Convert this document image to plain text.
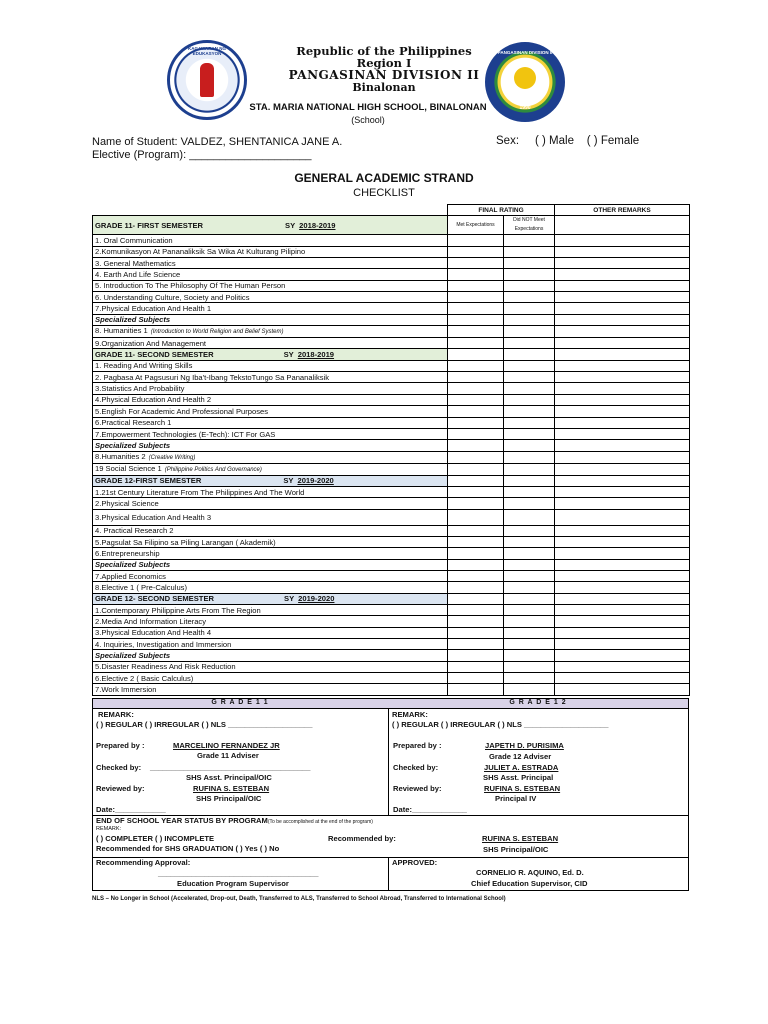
KAGAWARAN NG EDUKASYON	PANGASINAN DIVISION II
1990
Republic of the Philippines
Region I
PANGASINAN DIVISION II
Binalonan
STA. MARIA NATIONAL HIGH SCHOOL, BINALONAN
(School)
Name of Student: VALDEZ, SHENTANICA JANE A.	Sex: ( ) Male ( ) Female
Elective (Program): ____________________
GENERAL ACADEMIC STRAND
CHECKLIST
	FINAL RATING		OTHER REMARKS
GRADE 11- FIRST SEMESTER SY 2018-2019	Met Expectations	Did NOT Meet Expectations	
1. Oral Communication			
2.Komunikasyon At Pananaliksik Sa Wika At Kulturang Pilipino			
3. General Mathematics			
4. Earth And Life Science			
5. Introduction To The Philosophy Of The Human Person			
6. Understanding Culture, Society and Politics			
7.Physical Education And Health 1			
Specialized Subjects			
8. Humanities 1 (Introduction to World Religion and Belief System)			
9.Organization And Management			
GRADE 11- SECOND SEMESTER SY 2018-2019			

1. Reading And Writing Skills			
2. Pagbasa At Pagsusuri Ng Iba't-Ibang TekstoTungo Sa Pananaliksik			
3.Statistics And Probability			
4.Physical Education And Health 2			
5.English For Academic And Professional Purposes			
6.Practical Research 1			
7.Empowerment Technologies (E-Tech): ICT For GAS			
Specialized Subjects			
8.Humanities 2 (Creative Writing)			
19 Social Science 1 (Philippine Politics And Governance)			
GRADE 12-FIRST SEMESTER SY 2019-2020			

1.21st Century Literature From The Philippines And The World			
2.Physical Science			
3.Physical Education And Health 3			
4. Practical Research 2			
5.Pagsulat Sa Filipino sa Piling Larangan ( Akademik)			
6.Entrepreneurship			
Specialized Subjects			
7.Applied Economics			
8.Elective 1 ( Pre-Calculus)			
GRADE 12- SECOND SEMESTER SY 2019-2020			

1.Contemporary Philippine Arts From The Region			
2.Media And Information Literacy			
3.Physical Education And Health 4			
4. Inquiries, Investigation and Immersion			
Specialized Subjects			
5.Disaster Readiness And Risk Reduction			
6.Elective 2 ( Basic Calculus)			
7.Work Immersion			
G R A D E 1 1	G R A D E 1 2
REMARK:
( ) REGULAR ( ) IRREGULAR ( ) NLS ____________________
Prepared by :	MARCELINO FERNANDEZ JR
Grade 11 Adviser
Checked by: ______________________________________
SHS Asst. Principal/OIC
Reviewed by:	RUFINA S. ESTEBAN
SHS Principal/OIC
Date:____________
REMARK:
( ) REGULAR ( ) IRREGULAR ( ) NLS ____________________
Prepared by :	JAPETH D. PURISIMA
Grade 12 Adviser
Checked by:	JULIET A. ESTRADA
SHS Asst. Principal
Reviewed by:	RUFINA S. ESTEBAN
Principal IV
Date:_____________
END OF SCHOOL YEAR STATUS BY PROGRAM(To be accomplished at the end of the program)
REMARK:
( ) COMPLETER ( ) INCOMPLETE	Recommended by:	RUFINA S. ESTEBAN
Recommended for SHS GRADUATION ( ) Yes ( ) No	SHS Principal/OIC
Recommending Approval:
______________________________________
Education Program Supervisor
APPROVED:
CORNELIO R. AQUINO, Ed. D.
Chief Education Supervisor, CID
NLS – No Longer in School (Accelerated, Drop-out, Death, Transferred to ALS, Transferred to School Abroad, Transferred to International School)
